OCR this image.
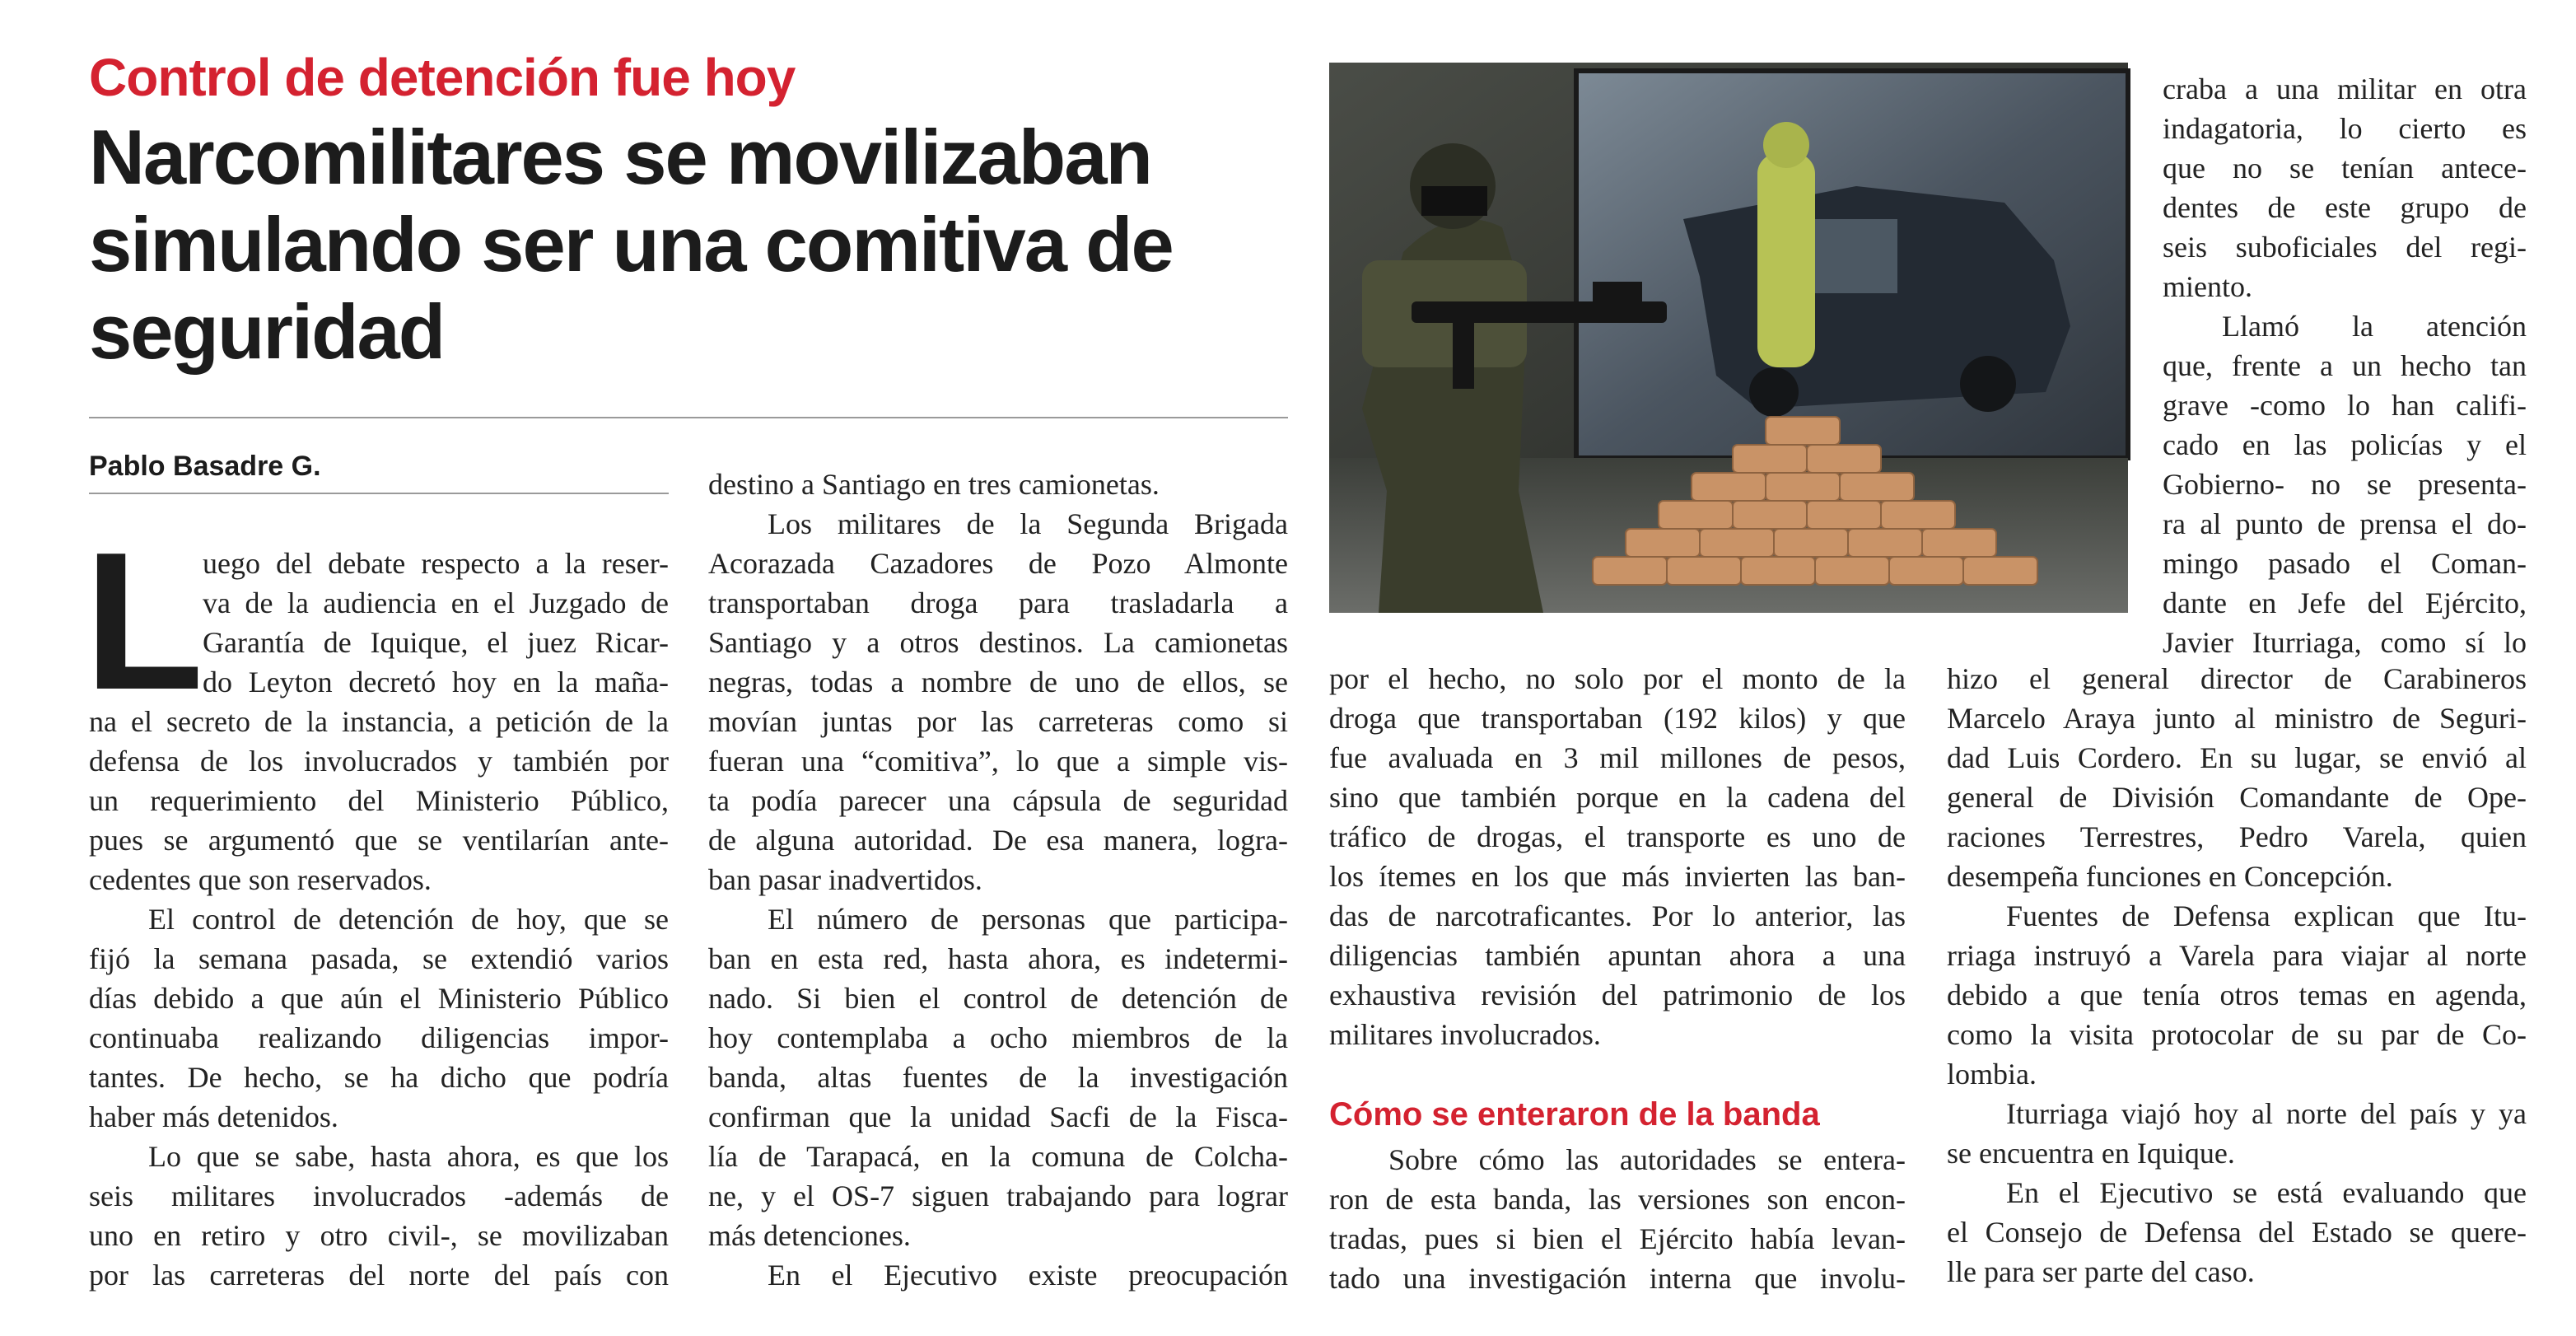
Control de detención fue hoy
Narcomilitares se movilizaban
simulando ser una comitiva de
seguridad
Pablo Basadre G.
L

uego del debate respecto a la reser-

va de la audiencia en el Juzgado de

Garantía de Iquique, el juez Ricar-

do Leyton decretó hoy en la maña-

na el secreto de la instancia, a petición de la

defensa de los involucrados y también por

un requerimiento del Ministerio Público,

pues se argumentó que se ventilarían ante-

cedentes que son reservados.

El control de detención de hoy, que se

fijó la semana pasada, se extendió varios

días debido a que aún el Ministerio Público

continuaba realizando diligencias impor-

tantes. De hecho, se ha dicho que podría

haber más detenidos.

Lo que se sabe, hasta ahora, es que los

seis militares involucrados -además de

uno en retiro y otro civil-, se movilizaban

por las carreteras del norte del país con

destino a Santiago en tres camionetas.

Los militares de la Segunda Brigada

Acorazada Cazadores de Pozo Almonte

transportaban droga para trasladarla a

Santiago y a otros destinos. La camionetas

negras, todas a nombre de uno de ellos, se

movían juntas por las carreteras como si

fueran una “comitiva”, lo que a simple vis-

ta podía parecer una cápsula de seguridad

de alguna autoridad. De esa manera, logra-

ban pasar inadvertidos.

El número de personas que participa-

ban en esta red, hasta ahora, es indetermi-

nado. Si bien el control de detención de

hoy contemplaba a ocho miembros de la

banda, altas fuentes de la investigación

confirman que la unidad Sacfi de la Fisca-

lía de Tarapacá, en la comuna de Colcha-

ne, y el OS-7 siguen trabajando para lograr

más detenciones.

En el Ejecutivo existe preocupación

por el hecho, no solo por el monto de la

droga que transportaban (192 kilos) y que

fue avaluada en 3 mil millones de pesos,

sino que también porque en la cadena del

tráfico de drogas, el transporte es uno de

los ítemes en los que más invierten las ban-

das de narcotraficantes. Por lo anterior, las

diligencias también apuntan ahora a una

exhaustiva revisión del patrimonio de los

militares involucrados.

Cómo se enteraron de la banda

Sobre cómo las autoridades se entera-

ron de esta banda, las versiones son encon-

tradas, pues si bien el Ejército había levan-

tado una investigación interna que involu-

craba a una militar en otra

indagatoria, lo cierto es

que no se tenían antece-

dentes de este grupo de

seis suboficiales del regi-

miento.

Llamó la atención

que, frente a un hecho tan

grave -como lo han califi-

cado en las policías y el

Gobierno- no se presenta-

ra al punto de prensa el do-

mingo pasado el Coman-

dante en Jefe del Ejército,

Javier Iturriaga, como sí lo

hizo el general director de Carabineros

Marcelo Araya junto al ministro de Seguri-

dad Luis Cordero. En su lugar, se envió al

general de División Comandante de Ope-

raciones Terrestres, Pedro Varela, quien

desempeña funciones en Concepción.

Fuentes de Defensa explican que Itu-

rriaga instruyó a Varela para viajar al norte

debido a que tenía otros temas en agenda,

como la visita protocolar de su par de Co-

lombia.

Iturriaga viajó hoy al norte del país y ya

se encuentra en Iquique.

En el Ejecutivo se está evaluando que

el Consejo de Defensa del Estado se quere-

lle para ser parte del caso.
